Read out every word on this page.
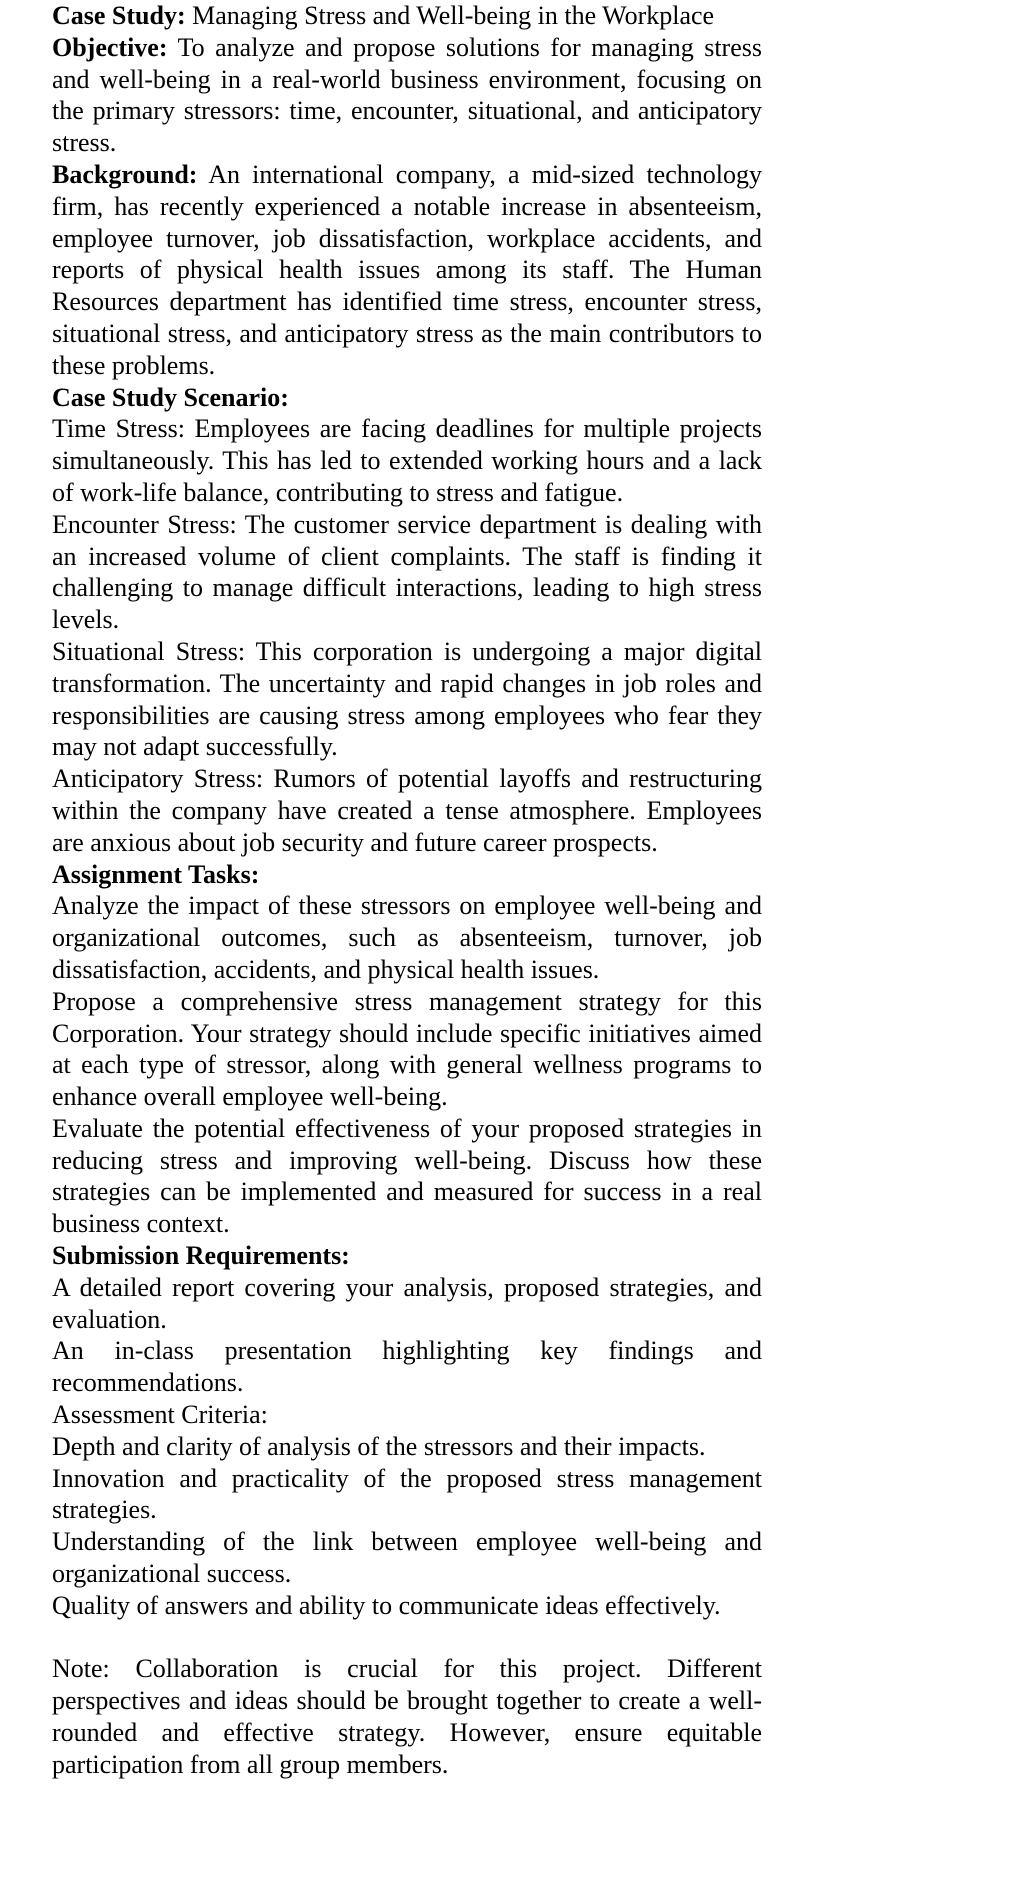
Case Study: Managing Stress and Well-being in the Workplace

Objective: To analyze and propose solutions for managing stress and well-being in a real-world business environment, focusing on the primary stressors: time, encounter, situational, and anticipatory stress.

Background: An international company, a mid-sized technology firm, has recently experienced a notable increase in absenteeism, employee turnover, job dissatisfaction, workplace accidents, and reports of physical health issues among its staff. The Human Resources department has identified time stress, encounter stress, situational stress, and anticipatory stress as the main contributors to these problems.

Case Study Scenario:

Time Stress: Employees are facing deadlines for multiple projects simultaneously. This has led to extended working hours and a lack of work-life balance, contributing to stress and fatigue.

Encounter Stress: The customer service department is dealing with an increased volume of client complaints. The staff is finding it challenging to manage difficult interactions, leading to high stress levels.

Situational Stress: This corporation is undergoing a major digital transformation. The uncertainty and rapid changes in job roles and responsibilities are causing stress among employees who fear they may not adapt successfully.

Anticipatory Stress: Rumors of potential layoffs and restructuring within the company have created a tense atmosphere. Employees are anxious about job security and future career prospects.

Assignment Tasks:

Analyze the impact of these stressors on employee well-being and organizational outcomes, such as absenteeism, turnover, job dissatisfaction, accidents, and physical health issues.

Propose a comprehensive stress management strategy for this Corporation. Your strategy should include specific initiatives aimed at each type of stressor, along with general wellness programs to enhance overall employee well-being.

Evaluate the potential effectiveness of your proposed strategies in reducing stress and improving well-being. Discuss how these strategies can be implemented and measured for success in a real business context.

Submission Requirements:

A detailed report covering your analysis, proposed strategies, and evaluation.

An in-class presentation highlighting key findings and recommendations.

Assessment Criteria:

Depth and clarity of analysis of the stressors and their impacts.

Innovation and practicality of the proposed stress management strategies.

Understanding of the link between employee well-being and organizational success.

Quality of answers and ability to communicate ideas effectively.

Note: Collaboration is crucial for this project. Different perspectives and ideas should be brought together to create a well-rounded and effective strategy. However, ensure equitable participation from all group members.
